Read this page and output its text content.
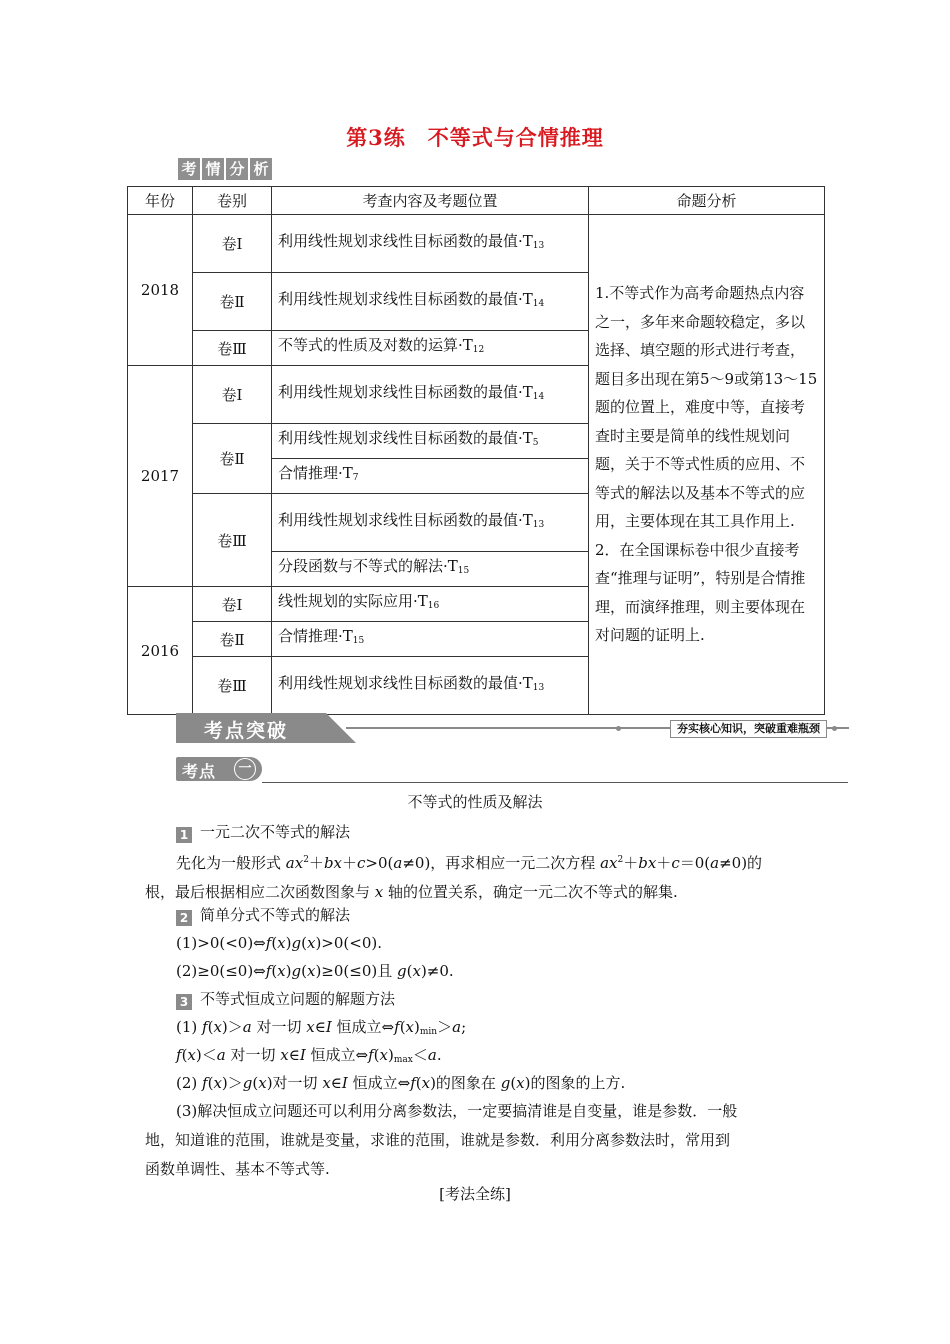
第3练　不等式与合情推理
考 情 分 析
年份	卷别	考查内容及考题位置	命题分析
2018	卷Ⅰ	利用线性规划求线性目标函数的最值$\cdot T_{13}$	1.不等式作为高考命题热点内容之一，多年来命题较稳定，多以选择、填空题的形式进行考查，题目多出现在第5～9或第13～15题的位置上，难度中等，直接考查时主要是简单的线性规划问题，关于不等式性质的应用、不等式的解法以及基本不等式的应用，主要体现在其工具作用上.
2．在全国课标卷中很少直接考查“推理与证明”，特别是合情推理，而演绎推理，则主要体现在对问题的证明上.

	卷Ⅱ	利用线性规划求线性目标函数的最值$\cdot T_{14}$
	卷Ⅲ	不等式的性质及对数的运算$\cdot T_{12}$
2017	卷Ⅰ	利用线性规划求线性目标函数的最值$\cdot T_{14}$
	卷Ⅱ	利用线性规划求线性目标函数的最值$\cdot T_5$
		合情推理$\cdot T_7$
	卷Ⅲ	利用线性规划求线性目标函数的最值$\cdot T_{13}$
		分段函数与不等式的解法$\cdot T_{15}$
2016	卷Ⅰ	线性规划的实际应用$\cdot T_{16}$
	卷Ⅱ	合情推理$\cdot T_{15}$
	卷Ⅲ	利用线性规划求线性目标函数的最值$\cdot T_{13}$
考点突破	夯实核心知识，突破重难瓶颈
考点	一
不等式的性质及解法
1 一元二次不等式的解法
先化为一般形式 $ax^2+bx+c>0(a\ne 0)$，再求相应一元二次方程 $ax^2+bx+c=0(a\ne 0)$的
根，最后根据相应二次函数图象与 x 轴的位置关系，确定一元二次不等式的解集.
2 简单分式不等式的解法
(1)>0(<0)⇔f(x)g(x)>0(<0).
(2)≥0(≤0)⇔f(x)g(x)≥0(≤0)且 g(x)≠0.
3 不等式恒成立问题的解题方法
(1) f(x)＞a 对一切 x∈I 恒成立$\Leftrightarrow f(x)_{min}>a$;
f(x)＜a 对一切 x∈I 恒成立$\Leftrightarrow f(x)_{max}<a$.
(2) f(x)＞g(x)对一切 x∈I 恒成立⇔f(x)的图象在 g(x)的图象的上方.
(3)解决恒成立问题还可以利用分离参数法，一定要搞清谁是自变量，谁是参数．一般
地，知道谁的范围，谁就是变量，求谁的范围，谁就是参数．利用分离参数法时，常用到
函数单调性、基本不等式等.
[考法全练]
